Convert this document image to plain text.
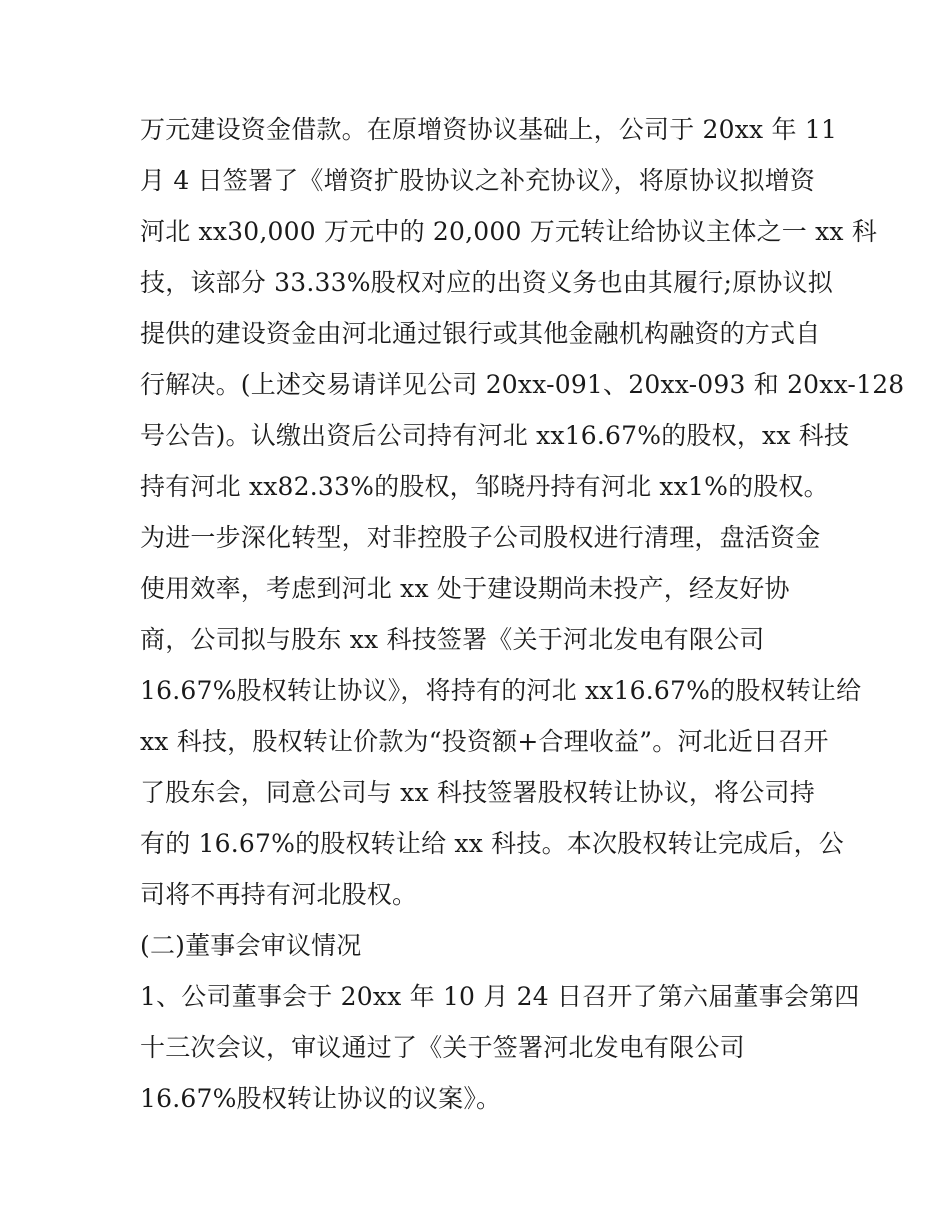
万元建设资金借款。在原增资协议基础上，公司于 20xx 年 11
月 4 日签署了《增资扩股协议之补充协议》，将原协议拟增资
河北 xx30,000 万元中的 20,000 万元转让给协议主体之一 xx 科
技，该部分 33.33%股权对应的出资义务也由其履行;原协议拟
提供的建设资金由河北通过银行或其他金融机构融资的方式自
行解决。(上述交易请详见公司 20xx-091、20xx-093 和 20xx-128
号公告)。认缴出资后公司持有河北 xx16.67%的股权，xx 科技
持有河北 xx82.33%的股权，邹晓丹持有河北 xx1%的股权。
为进一步深化转型，对非控股子公司股权进行清理，盘活资金
使用效率，考虑到河北 xx 处于建设期尚未投产，经友好协
商，公司拟与股东 xx 科技签署《关于河北发电有限公司
16.67%股权转让协议》，将持有的河北 xx16.67%的股权转让给
xx 科技，股权转让价款为“投资额+合理收益”。河北近日召开
了股东会，同意公司与 xx 科技签署股权转让协议，将公司持
有的 16.67%的股权转让给 xx 科技。本次股权转让完成后，公
司将不再持有河北股权。
(二)董事会审议情况
1、公司董事会于 20xx 年 10 月 24 日召开了第六届董事会第四
十三次会议，审议通过了《关于签署河北发电有限公司
16.67%股权转让协议的议案》。
